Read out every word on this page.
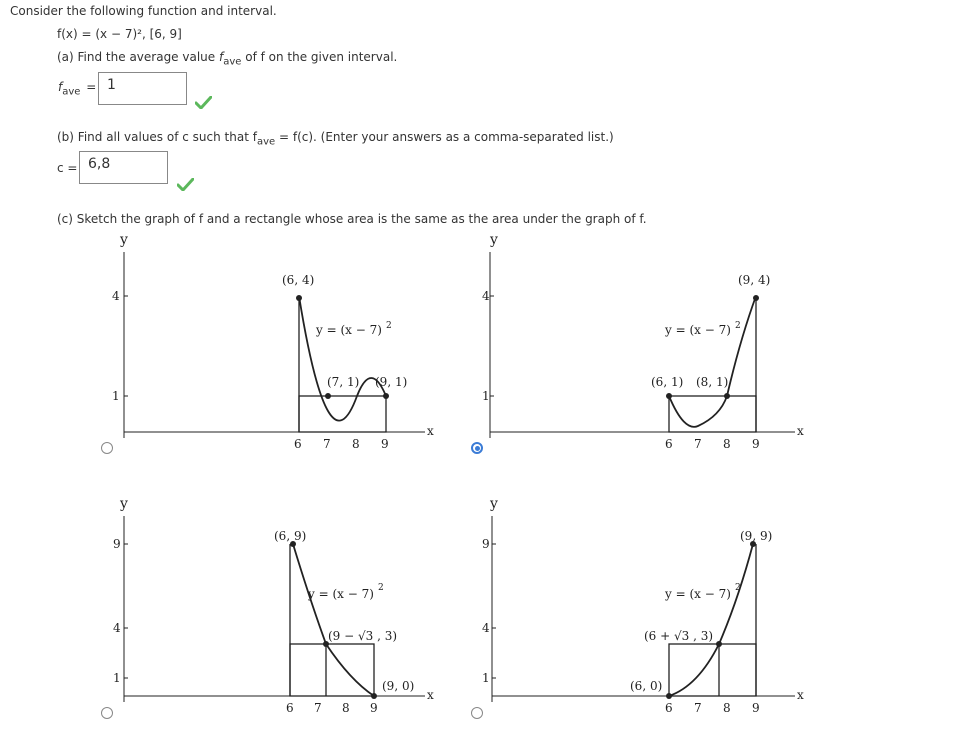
Consider the following function and interval.
f(x) = (x − 7)², [6, 9]
(a) Find the average value $f_{ave}$ of f on the given interval.
$f_{ave} = 1$
(b) Find all values of c such that $f_{ave} = f(c)$. (Enter your answers as a comma-separated list.)
c = 6,8
(c) Sketch the graph of f and a rectangle whose area is the same as the area under the graph of f.
y
4
1
x
6 7 8 9
(6, 4)
y = (x − 7) 2
(7, 1) (9, 1)
y
4
1
x
6 7 8 9
(9, 4)
y = (x − 7) 2
(6, 1) (8, 1)
y
9
4
1
x
6 7 8 9
(6, 9)
y = (x − 7) 2
(9 − √3 , 3)
(9, 0)
y
9
4
1
x
6 7 8 9
(9, 9)
y = (x − 7) 2
(6 + √3 , 3)
(6, 0)
